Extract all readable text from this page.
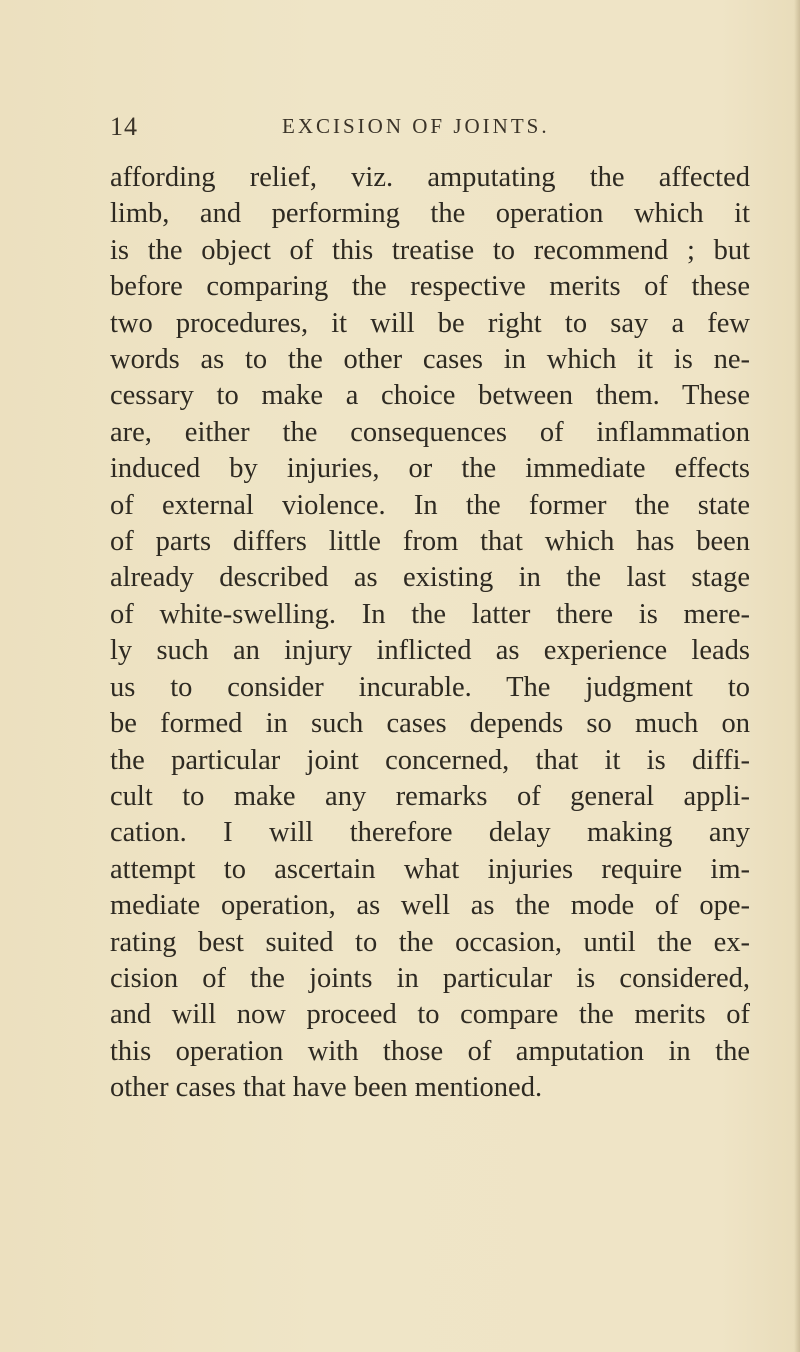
14	EXCISION OF JOINTS.
affording relief, viz. amputating the affected
limb, and performing the operation which it
is the object of this treatise to recommend ; but
before comparing the respective merits of these
two procedures, it will be right to say a few
words as to the other cases in which it is ne-
cessary to make a choice between them. These
are, either the consequences of inflammation
induced by injuries, or the immediate effects
of external violence. In the former the state
of parts differs little from that which has been
already described as existing in the last stage
of white-swelling. In the latter there is mere-
ly such an injury inflicted as experience leads
us to consider incurable. The judgment to
be formed in such cases depends so much on
the particular joint concerned, that it is diffi-
cult to make any remarks of general appli-
cation. I will therefore delay making any
attempt to ascertain what injuries require im-
mediate operation, as well as the mode of ope-
rating best suited to the occasion, until the ex-
cision of the joints in particular is considered,
and will now proceed to compare the merits of
this operation with those of amputation in the
other cases that have been mentioned.
